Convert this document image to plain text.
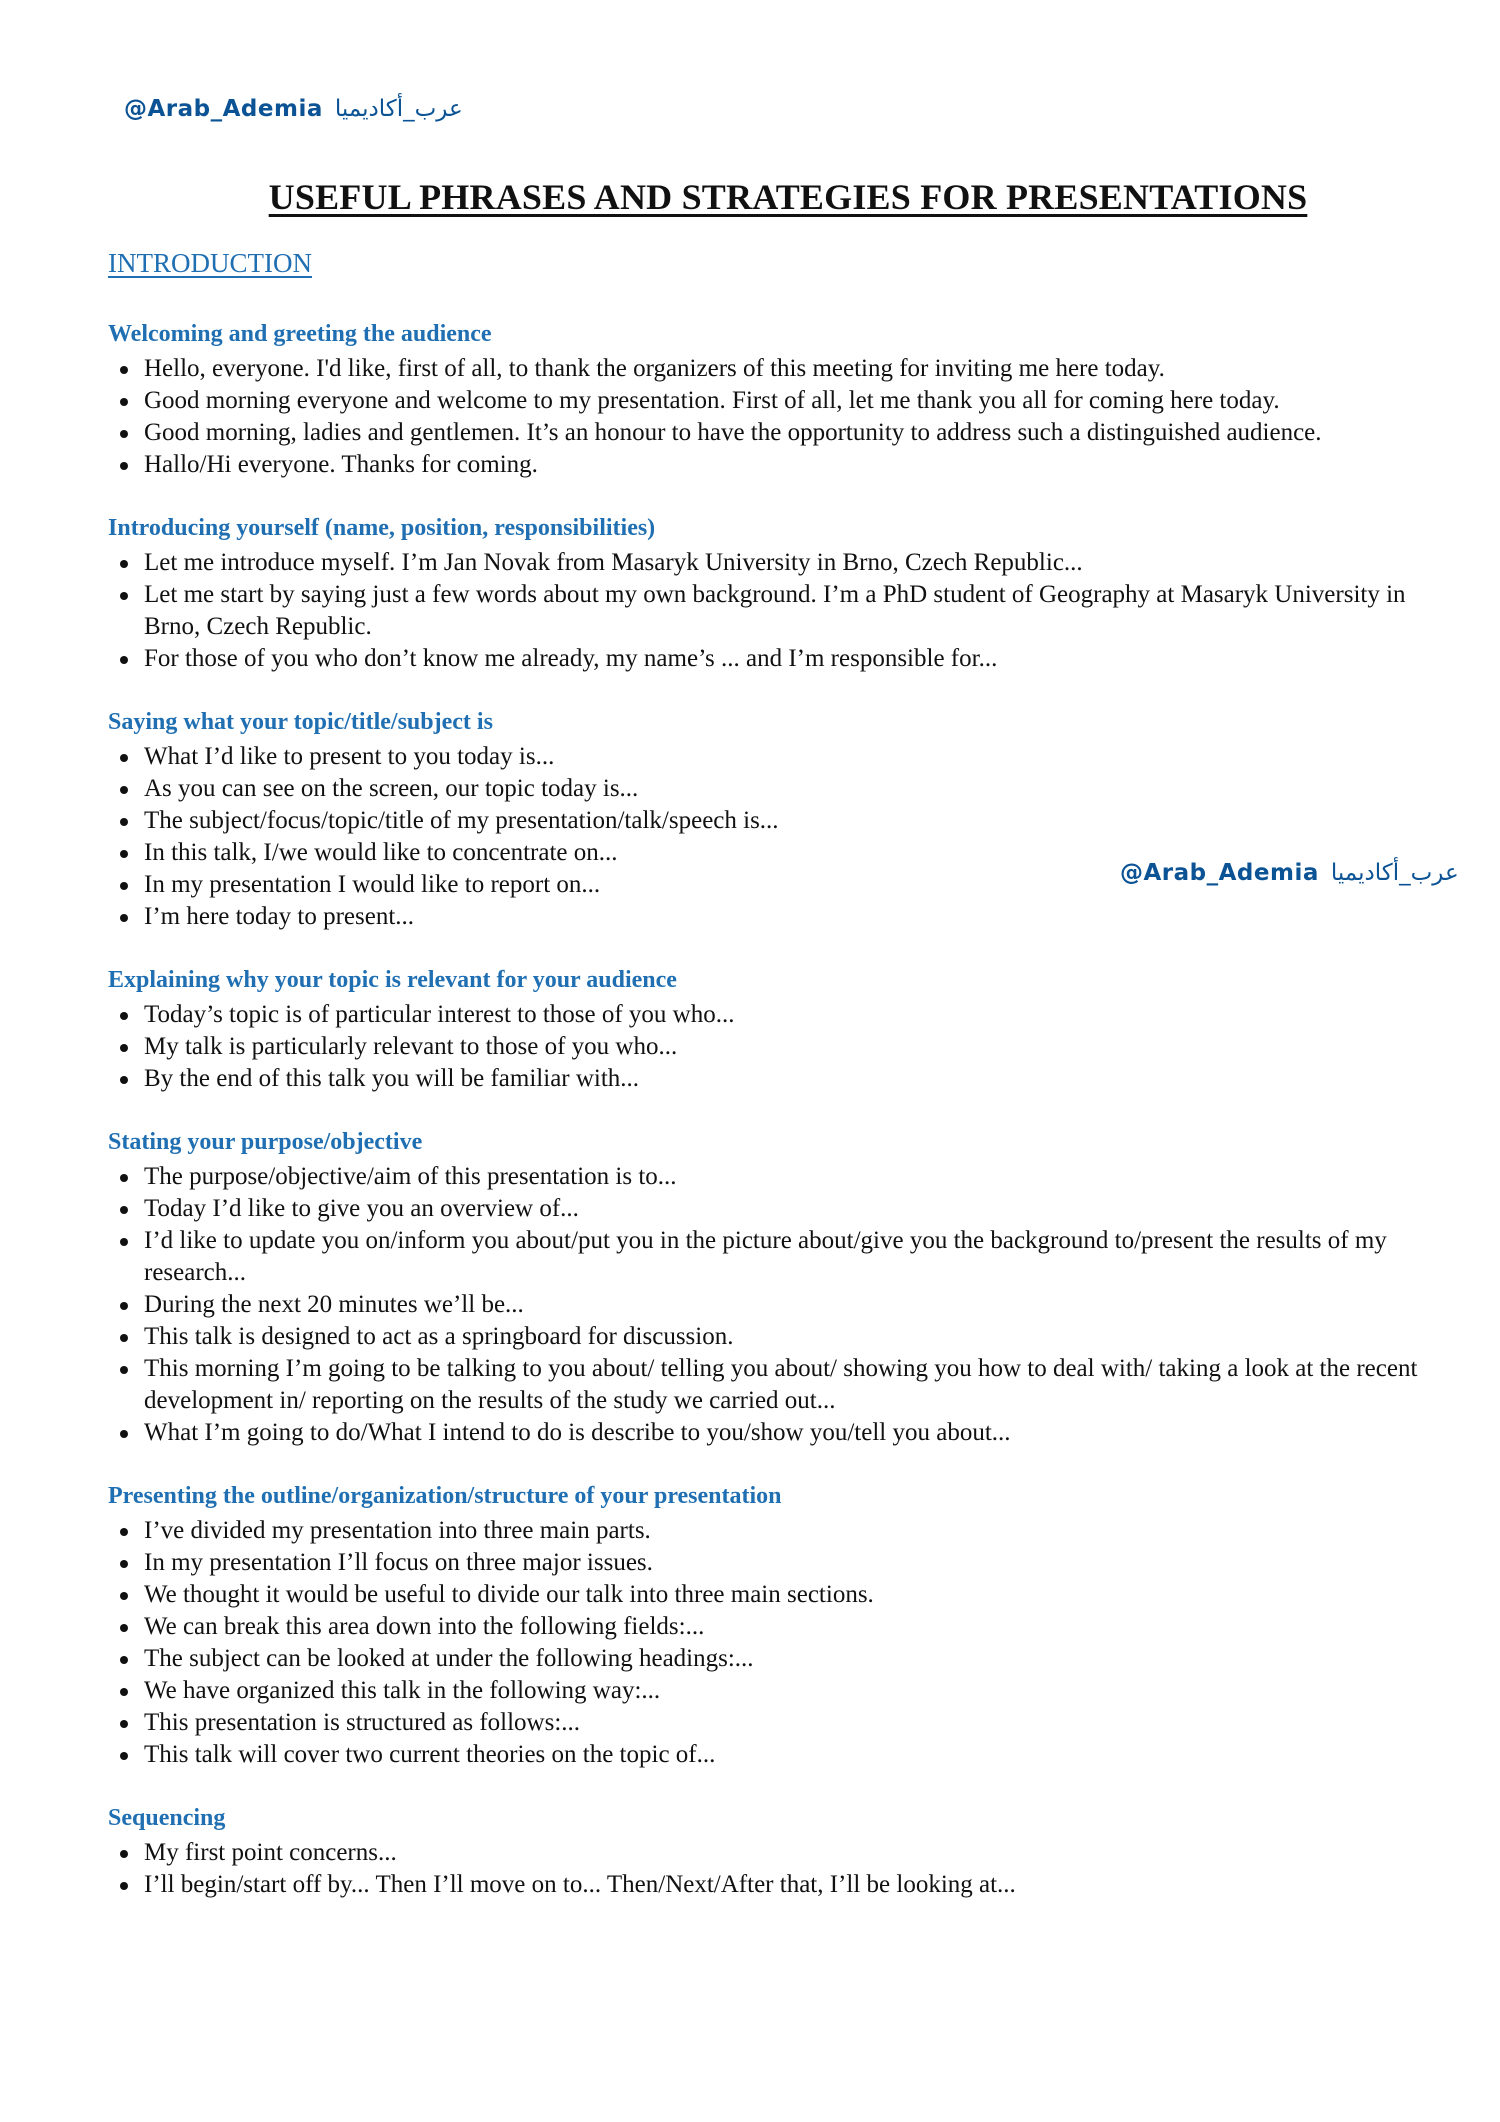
@Arab_Ademia عرب_أكاديميا
@Arab_Ademia عرب_أكاديميا
USEFUL PHRASES AND STRATEGIES FOR PRESENTATIONS
INTRODUCTION
Welcoming and greeting the audience
Hello, everyone. I'd like, first of all, to thank the organizers of this meeting for inviting me here today.
Good morning everyone and welcome to my presentation. First of all, let me thank you all for coming here today.
Good morning, ladies and gentlemen. It’s an honour to have the opportunity to address such a distinguished audience.
Hallo/Hi everyone. Thanks for coming.
Introducing yourself (name, position, responsibilities)
Let me introduce myself. I’m Jan Novak from Masaryk University in Brno, Czech Republic...
Let me start by saying just a few words about my own background. I’m a PhD student of Geography at Masaryk University in Brno, Czech Republic.
For those of you who don’t know me already, my name’s ... and I’m responsible for...
Saying what your topic/title/subject is
What I’d like to present to you today is...
As you can see on the screen, our topic today is...
The subject/focus/topic/title of my presentation/talk/speech is...
In this talk, I/we would like to concentrate on...
In my presentation I would like to report on...
I’m here today to present...
Explaining why your topic is relevant for your audience
Today’s topic is of particular interest to those of you who...
My talk is particularly relevant to those of you who...
By the end of this talk you will be familiar with...
Stating your purpose/objective
The purpose/objective/aim of this presentation is to...
Today I’d like to give you an overview of...
I’d like to update you on/inform you about/put you in the picture about/give you the background to/present the results of my research...
During the next 20 minutes we’ll be...
This talk is designed to act as a springboard for discussion.
This morning I’m going to be talking to you about/ telling you about/ showing you how to deal with/ taking a look at the recent development in/ reporting on the results of the study we carried out...
What I’m going to do/What I intend to do is describe to you/show you/tell you about...
Presenting the outline/organization/structure of your presentation
I’ve divided my presentation into three main parts.
In my presentation I’ll focus on three major issues.
We thought it would be useful to divide our talk into three main sections.
We can break this area down into the following fields:...
The subject can be looked at under the following headings:...
We have organized this talk in the following way:...
This presentation is structured as follows:...
This talk will cover two current theories on the topic of...
Sequencing
My first point concerns...
I’ll begin/start off by... Then I’ll move on to... Then/Next/After that, I’ll be looking at...
